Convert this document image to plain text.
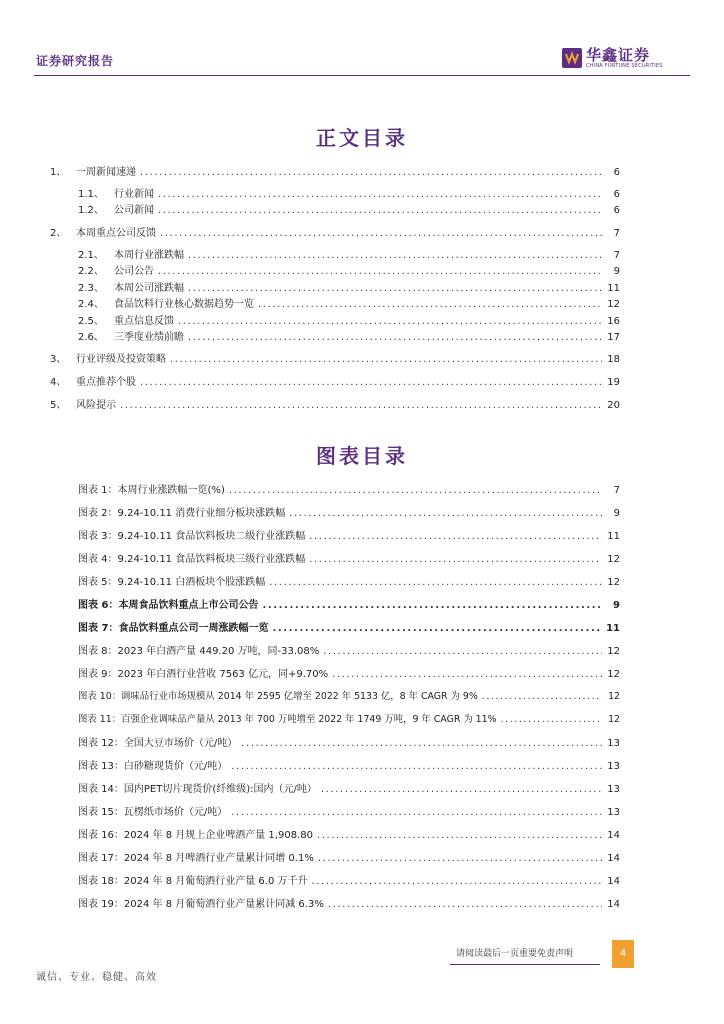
证券研究报告	华鑫证券
CHINA FORTUNE SECURITIES
正文目录
1、 一周新闻速递 .....	6
1.1、	行业新闻 .....	6
1.2、	公司新闻 .....	6
2、 本周重点公司反馈 .....	7
2.1、	本周行业涨跌幅 .....	7
2.2、	公司公告 .....	9
2.3、	本周公司涨跌幅 .....	11
2.4、	食品饮料行业核心数据趋势一览 .....	12
2.5、	重点信息反馈 .....	16
2.6、	三季度业绩前瞻 .....	17
3、 行业评级及投资策略 .....	18
4、 重点推荐个股 .....	19
5、 风险提示 .....	20
图表目录
图表 1：本周行业涨跌幅一览(%) .....	7
图表 2：9.24-10.11 消费行业细分板块涨跌幅 .....	9
图表 3：9.24-10.11 食品饮料板块二级行业涨跌幅 .....	11
图表 4：9.24-10.11 食品饮料板块三级行业涨跌幅 .....	12
图表 5：9.24-10.11 白酒板块个股涨跌幅 .....	12
图表 6：本周食品饮料重点上市公司公告 .....	9
图表 7：食品饮料重点公司一周涨跌幅一览 .....	11
图表 8：2023 年白酒产量 449.20 万吨，同-33.08% .....	12
图表 9：2023 年白酒行业营收 7563 亿元，同+9.70% .....	12
图表 10：调味品行业市场规模从 2014 年 2595 亿增至 2022 年 5133 亿，8 年 CAGR 为 9% .....	12
图表 11：百强企业调味品产量从 2013 年 700 万吨增至 2022 年 1749 万吨，9 年 CAGR 为 11% .....	12
图表 12：全国大豆市场价（元/吨） .....	13
图表 13：白砂糖现货价（元/吨） .....	13
图表 14：国内PET切片现货价(纤维级):国内（元/吨） .....	13
图表 15：瓦楞纸市场价（元/吨） .....	13
图表 16：2024 年 8 月规上企业啤酒产量 1,908.80 .....	14
图表 17：2024 年 8 月啤酒行业产量累计同增 0.1% .....	14
图表 18：2024 年 8 月葡萄酒行业产量 6.0 万千升 .....	14
图表 19：2024 年 8 月葡萄酒行业产量累计同减 6.3% .....	14
请阅读最后一页重要免责声明	4
诚信、专业、稳健、高效
